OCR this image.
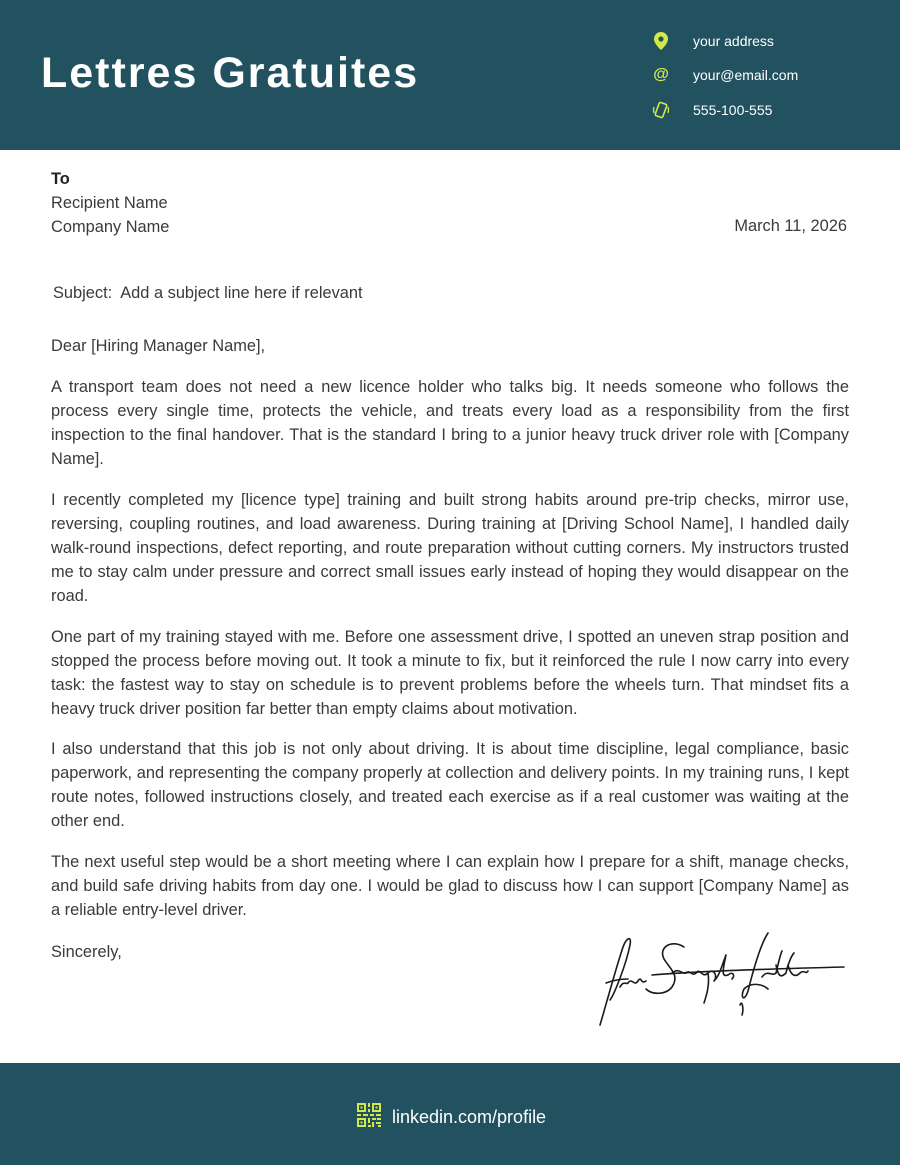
Lettres Gratuites
your address
@ your@email.com
555-100-555
To
Recipient Name
Company Name	March 11, 2026
Subject: Add a subject line here if relevant
Dear [Hiring Manager Name],
A transport team does not need a new licence holder who talks big. It needs someone who follows the process every single time, protects the vehicle, and treats every load as a responsibility from the first inspection to the final handover. That is the standard I bring to a junior heavy truck driver role with [Company Name].
I recently completed my [licence type] training and built strong habits around pre-trip checks, mirror use, reversing, coupling routines, and load awareness. During training at [Driving School Name], I handled daily walk-round inspections, defect reporting, and route preparation without cutting corners. My instructors trusted me to stay calm under pressure and correct small issues early instead of hoping they would disappear on the road.
One part of my training stayed with me. Before one assessment drive, I spotted an uneven strap position and stopped the process before moving out. It took a minute to fix, but it reinforced the rule I now carry into every task: the fastest way to stay on schedule is to prevent problems before the wheels turn. That mindset fits a heavy truck driver position far better than empty claims about motivation.
I also understand that this job is not only about driving. It is about time discipline, legal compliance, basic paperwork, and representing the company properly at collection and delivery points. In my training runs, I kept route notes, followed instructions closely, and treated each exercise as if a real customer was waiting at the other end.
The next useful step would be a short meeting where I can explain how I prepare for a shift, manage checks, and build safe driving habits from day one. I would be glad to discuss how I can support [Company Name] as a reliable entry-level driver.
Sincerely,
linkedin.com/profile
